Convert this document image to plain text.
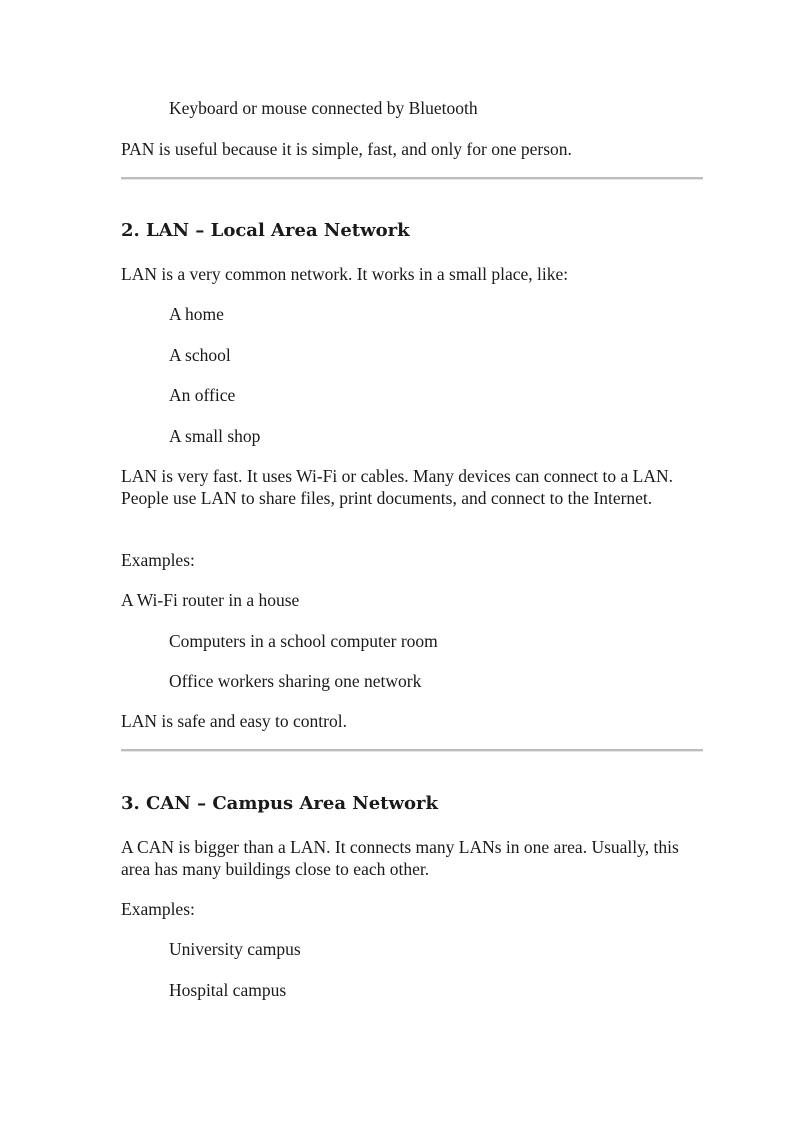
Keyboard or mouse connected by Bluetooth

PAN is useful because it is simple, fast, and only for one person.

2. LAN – Local Area Network

LAN is a very common network. It works in a small place, like:

A home

A school

An office

A small shop

LAN is very fast. It uses Wi-Fi or cables. Many devices can connect to a LAN. People use LAN to share files, print documents, and connect to the Internet.

Examples:

A Wi-Fi router in a house

Computers in a school computer room

Office workers sharing one network

LAN is safe and easy to control.

3. CAN – Campus Area Network

A CAN is bigger than a LAN. It connects many LANs in one area. Usually, this area has many buildings close to each other.

Examples:

University campus

Hospital campus
